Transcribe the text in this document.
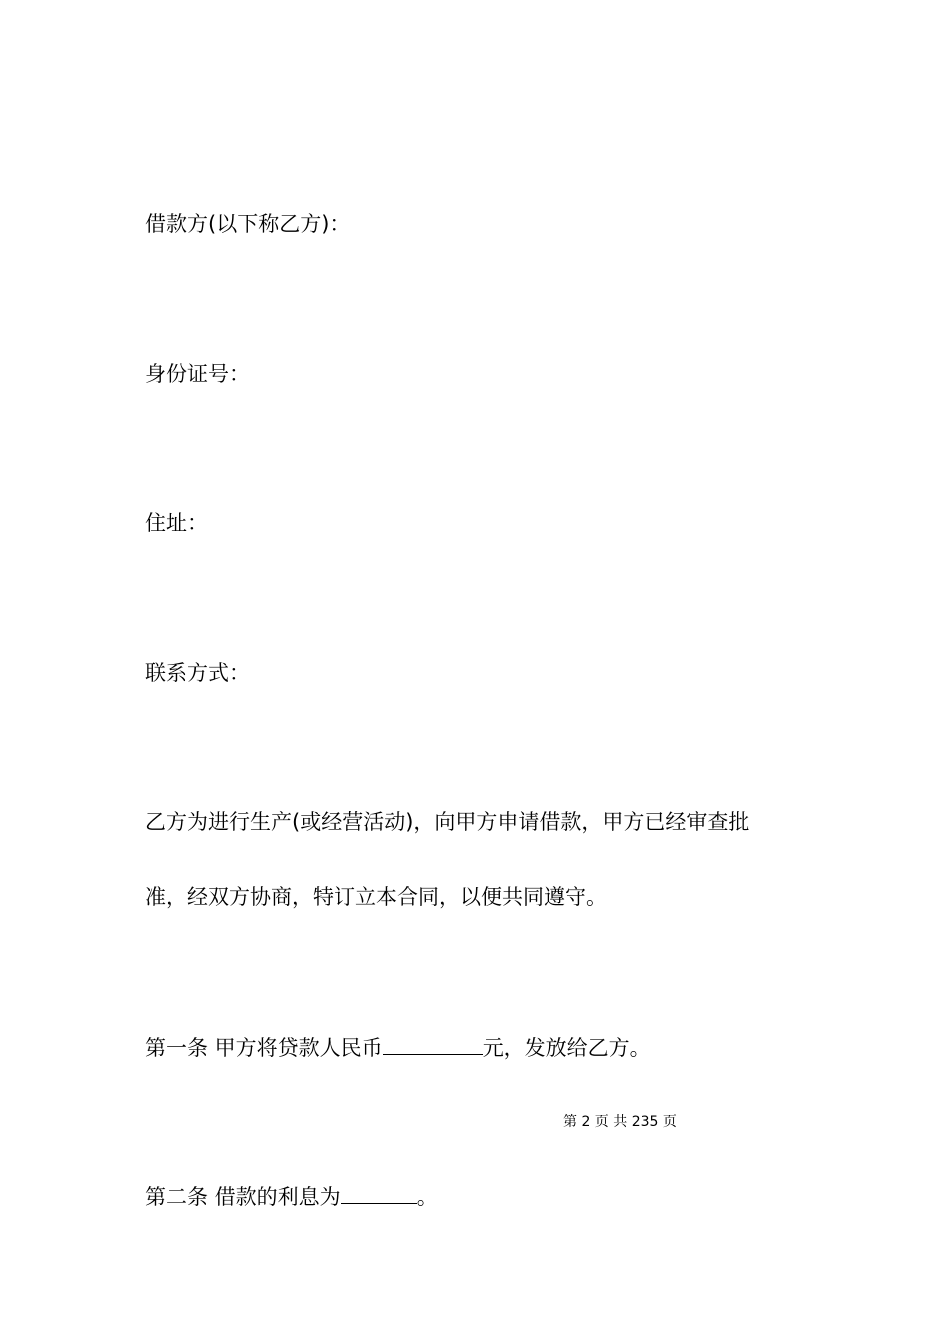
借款方(以下称乙方)：
身份证号：
住址：
联系方式：
乙方为进行生产(或经营活动)，向甲方申请借款，甲方已经审查批
准，经双方协商，特订立本合同，以便共同遵守。
第一条 甲方将贷款人民币	元，发放给乙方。
第 2 页 共 235 页
第二条 借款的利息为	。
